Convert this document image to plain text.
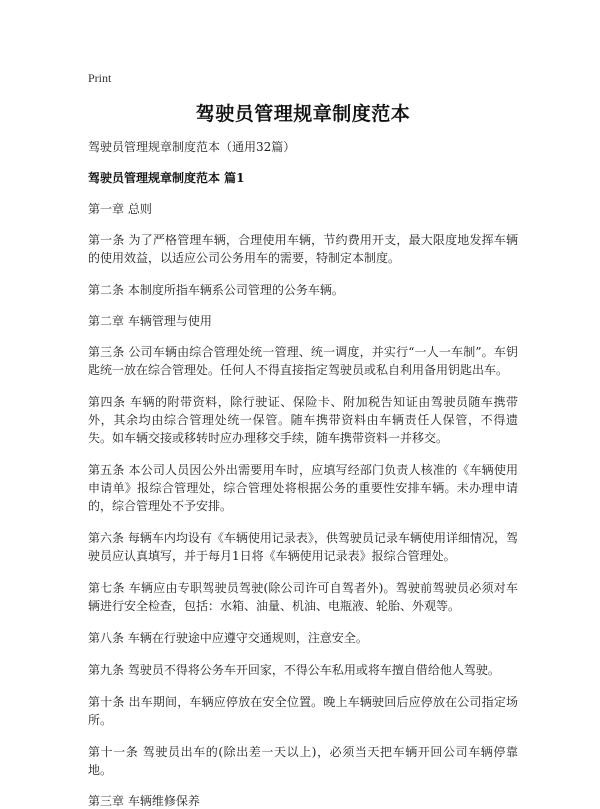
Print
驾驶员管理规章制度范本
驾驶员管理规章制度范本（通用32篇）
驾驶员管理规章制度范本 篇1
第一章 总则
第一条 为了严格管理车辆，合理使用车辆，节约费用开支，最大限度地发挥车辆的使用效益，以适应公司公务用车的需要，特制定本制度。
第二条 本制度所指车辆系公司管理的公务车辆。
第二章 车辆管理与使用
第三条 公司车辆由综合管理处统一管理、统一调度，并实行“一人一车制”。车钥匙统一放在综合管理处。任何人不得直接指定驾驶员或私自利用备用钥匙出车。
第四条 车辆的附带资料，除行驶证、保险卡、附加税告知证由驾驶员随车携带外，其余均由综合管理处统一保管。随车携带资料由车辆责任人保管，不得遗失。如车辆交接或移转时应办理移交手续，随车携带资料一并移交。
第五条 本公司人员因公外出需要用车时，应填写经部门负责人核准的《车辆使用申请单》报综合管理处，综合管理处将根据公务的重要性安排车辆。未办理申请的，综合管理处不予安排。
第六条 每辆车内均设有《车辆使用记录表》，供驾驶员记录车辆使用详细情况，驾驶员应认真填写，并于每月1日将《车辆使用记录表》报综合管理处。
第七条 车辆应由专职驾驶员驾驶(除公司许可自驾者外)。驾驶前驾驶员必须对车辆进行安全检查，包括：水箱、油量、机油、电瓶液、轮胎、外观等。
第八条 车辆在行驶途中应遵守交通规则，注意安全。
第九条 驾驶员不得将公务车开回家，不得公车私用或将车擅自借给他人驾驶。
第十条 出车期间，车辆应停放在安全位置。晚上车辆驶回后应停放在公司指定场所。
第十一条 驾驶员出车的(除出差一天以上)，必须当天把车辆开回公司车辆停靠地。
第三章 车辆维修保养
